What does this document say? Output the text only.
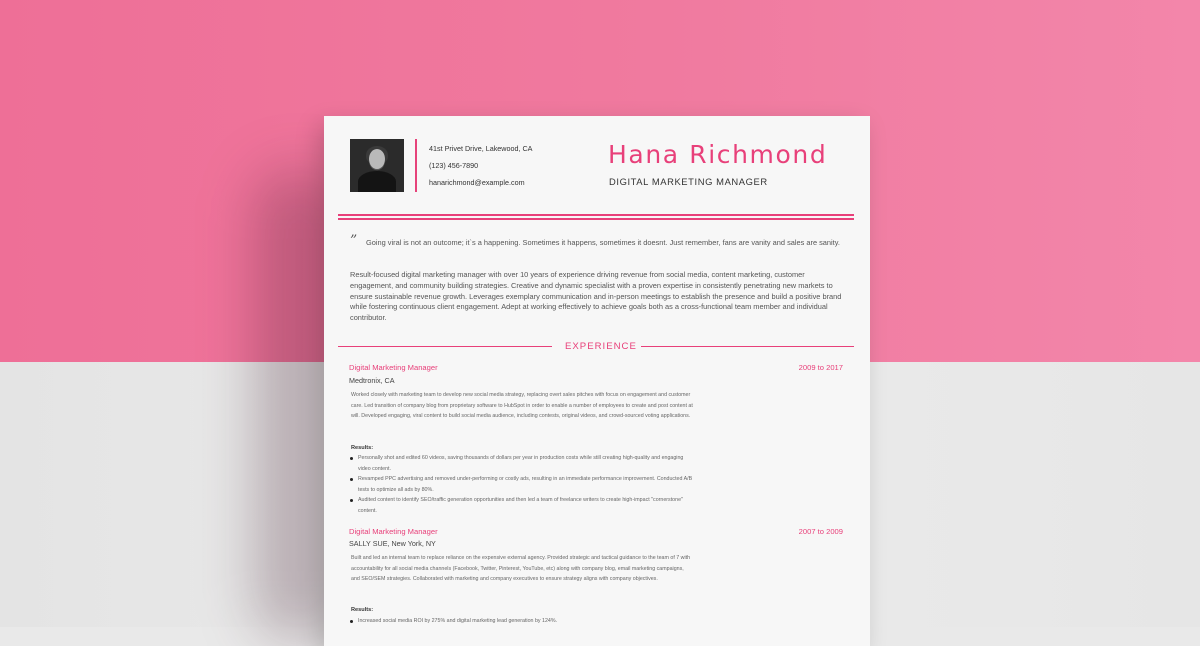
41st Privet Drive, Lakewood, CA
(123) 456-7890
hanarichmond@example.com
Hana Richmond
DIGITAL MARKETING MANAGER
” Going viral is not an outcome; it`s a happening. Sometimes it happens, sometimes it doesnt. Just remember, fans are vanity and sales are sanity.
Result-focused digital marketing manager with over 10 years of experience driving revenue from social media, content marketing, customer engagement, and community building strategies. Creative and dynamic specialist with a proven expertise in consistently penetrating new markets to ensure sustainable revenue growth. Leverages exemplary communication and in-person meetings to establish the presence and build a positive brand while fostering continuous client engagement. Adept at working effectively to achieve goals both as a cross-functional team member and individual contributor.
EXPERIENCE
Digital Marketing Manager	2009 to 2017
Medtronix, CA
Worked closely with marketing team to develop new social media strategy, replacing overt sales pitches with focus on engagement and customer care. Led transition of company blog from proprietary software to HubSpot in order to enable a number of employees to create and post content at will. Developed engaging, viral content to build social media audience, including contests, original videos, and crowd-sourced voting applications.
Results:
Personally shot and edited 60 videos, saving thousands of dollars per year in production costs while still creating high-quality and engaging video content.
Revamped PPC advertising and removed under-performing or costly ads, resulting in an immediate performance improvement. Conducted A/B tests to optimize all ads by 80%.
Audited content to identify SEO/traffic generation opportunities and then led a team of freelance writers to create high-impact "cornerstone" content.
Digital Marketing Manager	2007 to 2009
SALLY SUE, New York, NY
Built and led an internal team to replace reliance on the expensive external agency. Provided strategic and tactical guidance to the team of 7 with accountability for all social media channels (Facebook, Twitter, Pinterest, YouTube, etc) along with company blog, email marketing campaigns, and SEO/SEM strategies. Collaborated with marketing and company executives to ensure strategy aligns with company objectives.
Results:
Increased social media ROI by 275% and digital marketing lead generation by 124%.
